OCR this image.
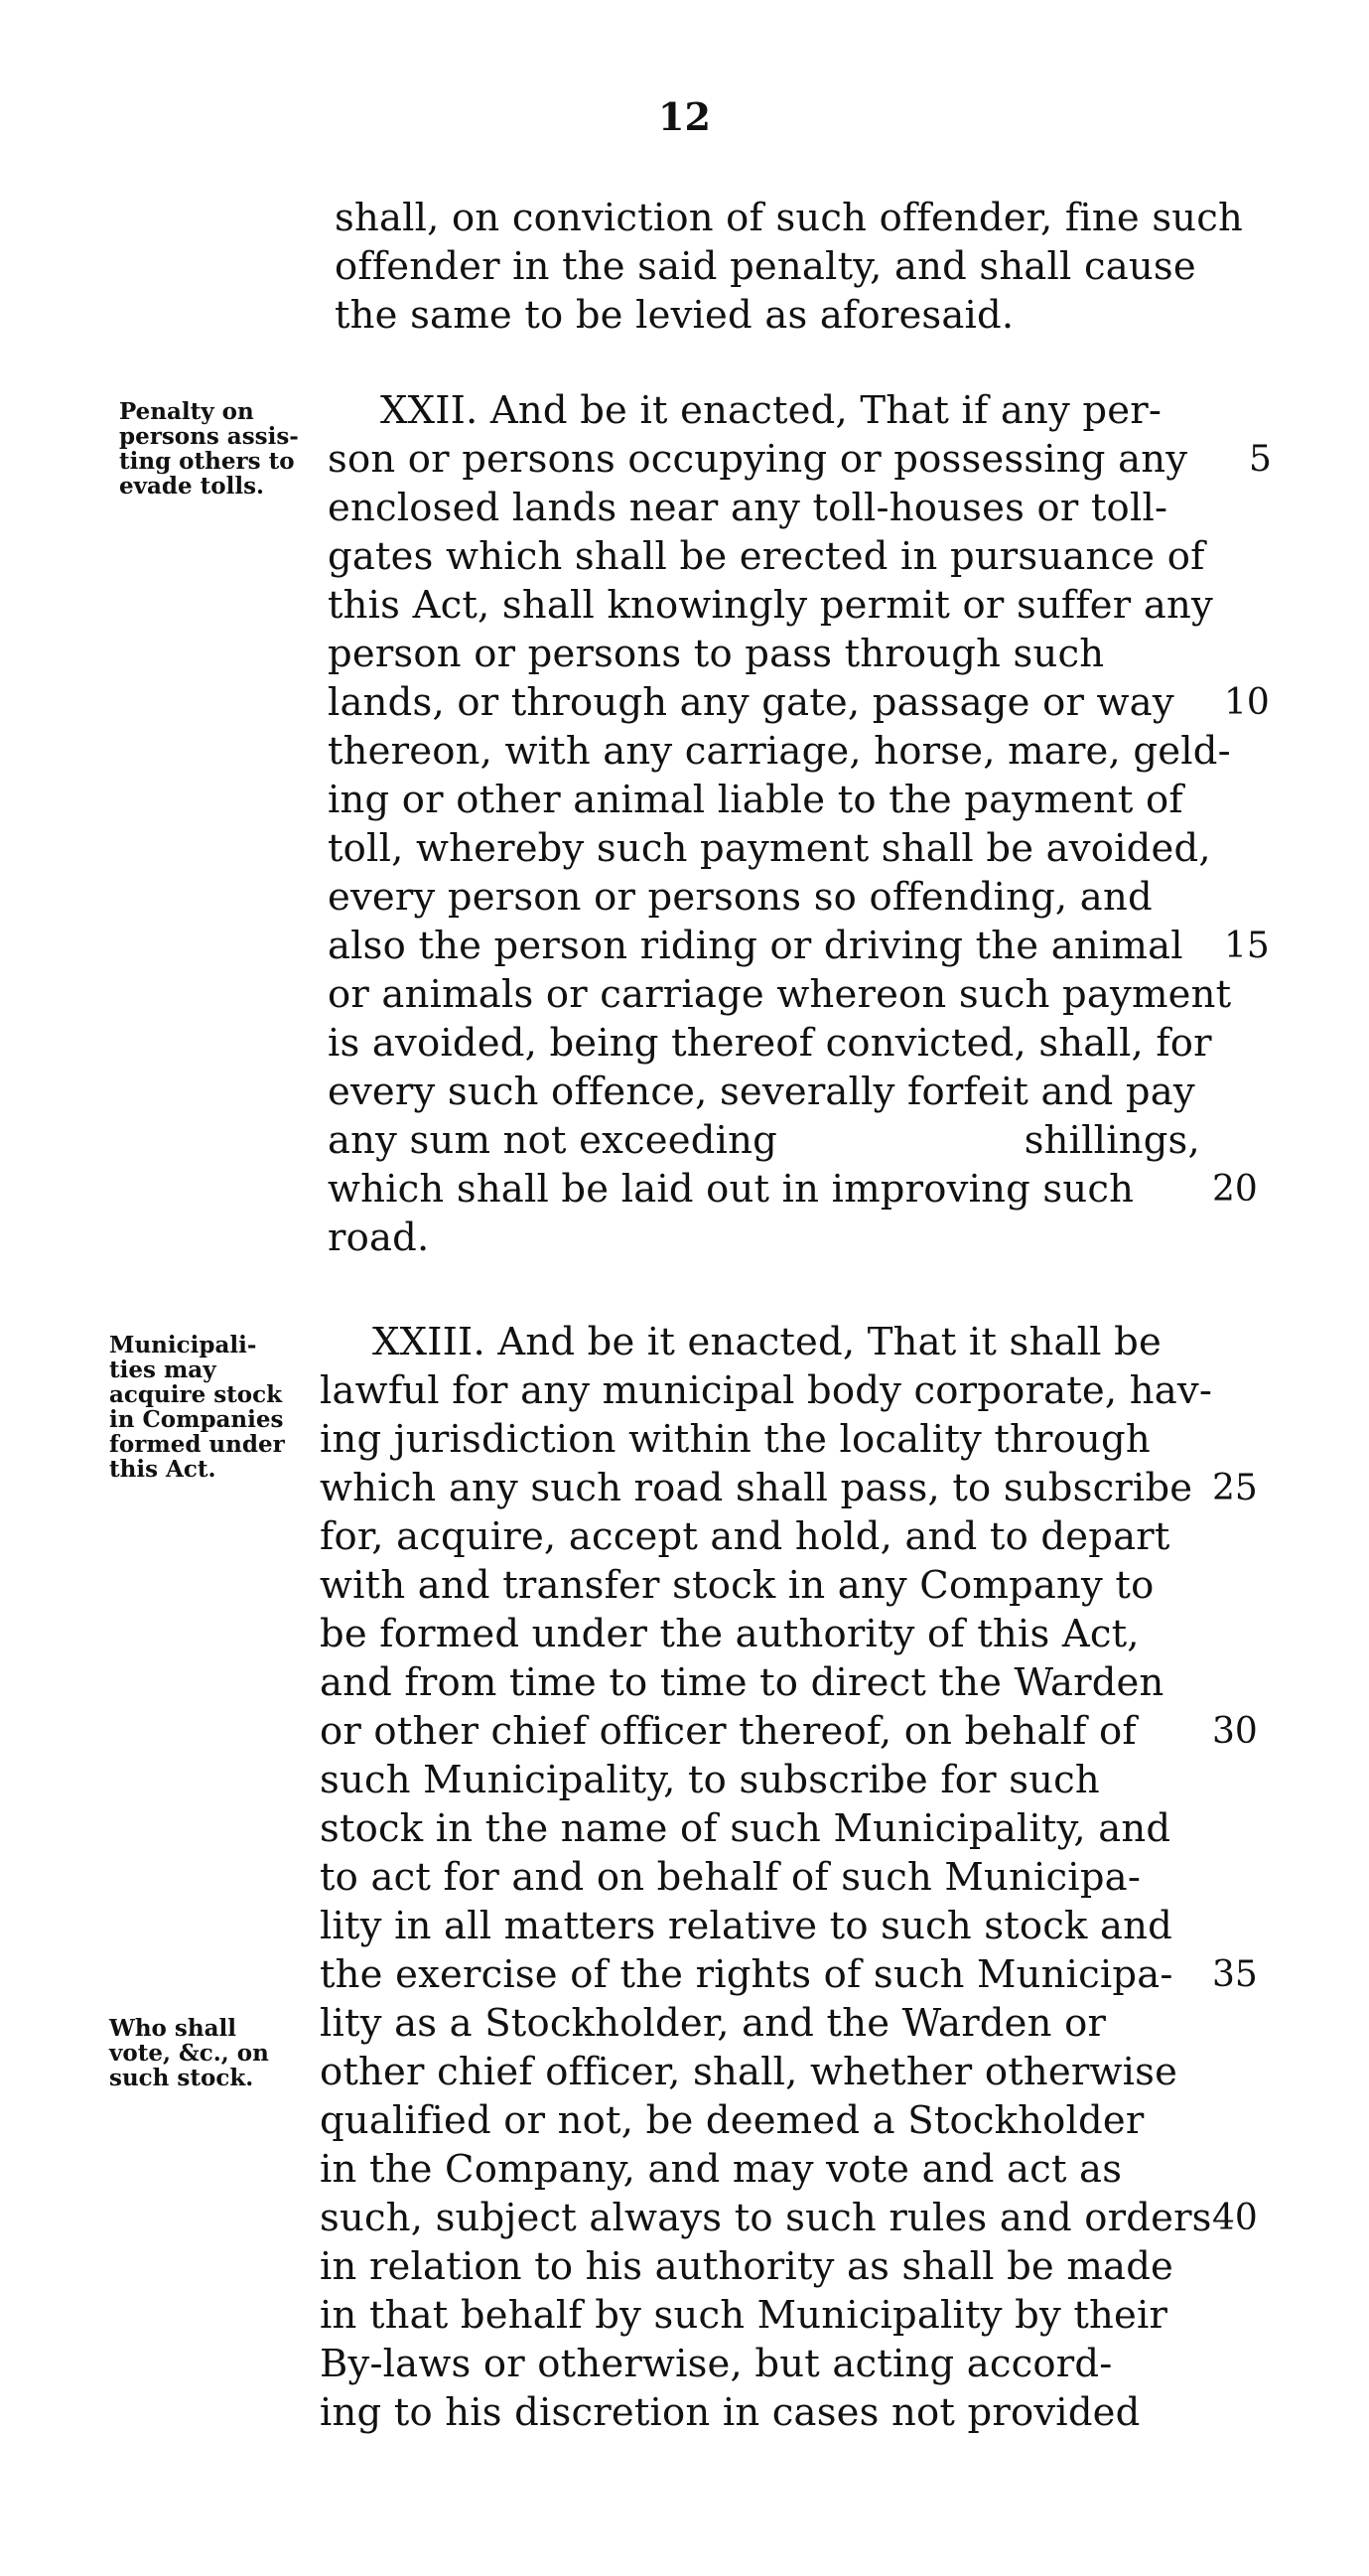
12
shall, on conviction of such offender, fine such
offender in the said penalty, and shall cause
the same to be levied as aforesaid.
XXII. And be it enacted, That if any per-
son or persons occupying or possessing any
enclosed lands near any toll-houses or toll-
gates which shall be erected in pursuance of
this Act, shall knowingly permit or suffer any
person or persons to pass through such
lands, or through any gate, passage or way
thereon, with any carriage, horse, mare, geld-
ing or other animal liable to the payment of
toll, whereby such payment shall be avoided,
every person or persons so offending, and
also the person riding or driving the animal
or animals or carriage whereon such payment
is avoided, being thereof convicted, shall, for
every such offence, severally forfeit and pay
any sum not exceeding                    shillings,
which shall be laid out in improving such
road.
XXIII. And be it enacted, That it shall be
lawful for any municipal body corporate, hav-
ing jurisdiction within the locality through
which any such road shall pass, to subscribe
for, acquire, accept and hold, and to depart
with and transfer stock in any Company to
be formed under the authority of this Act,
and from time to time to direct the Warden
or other chief officer thereof, on behalf of
such Municipality, to subscribe for such
stock in the name of such Municipality, and
to act for and on behalf of such Municipa-
lity in all matters relative to such stock and
the exercise of the rights of such Municipa-
lity as a Stockholder, and the Warden or
other chief officer, shall, whether otherwise
qualified or not, be deemed a Stockholder
in the Company, and may vote and act as
such, subject always to such rules and orders
in relation to his authority as shall be made
in that behalf by such Municipality by their
By-laws or otherwise, but acting accord-
ing to his discretion in cases not provided
5
10
15
20
25
30
35
40
Penalty on
persons assis-
ting others to
evade tolls.
Municipali-
ties may
acquire stock
in Companies
formed under
this Act.
Who shall
vote, &c., on
such stock.
